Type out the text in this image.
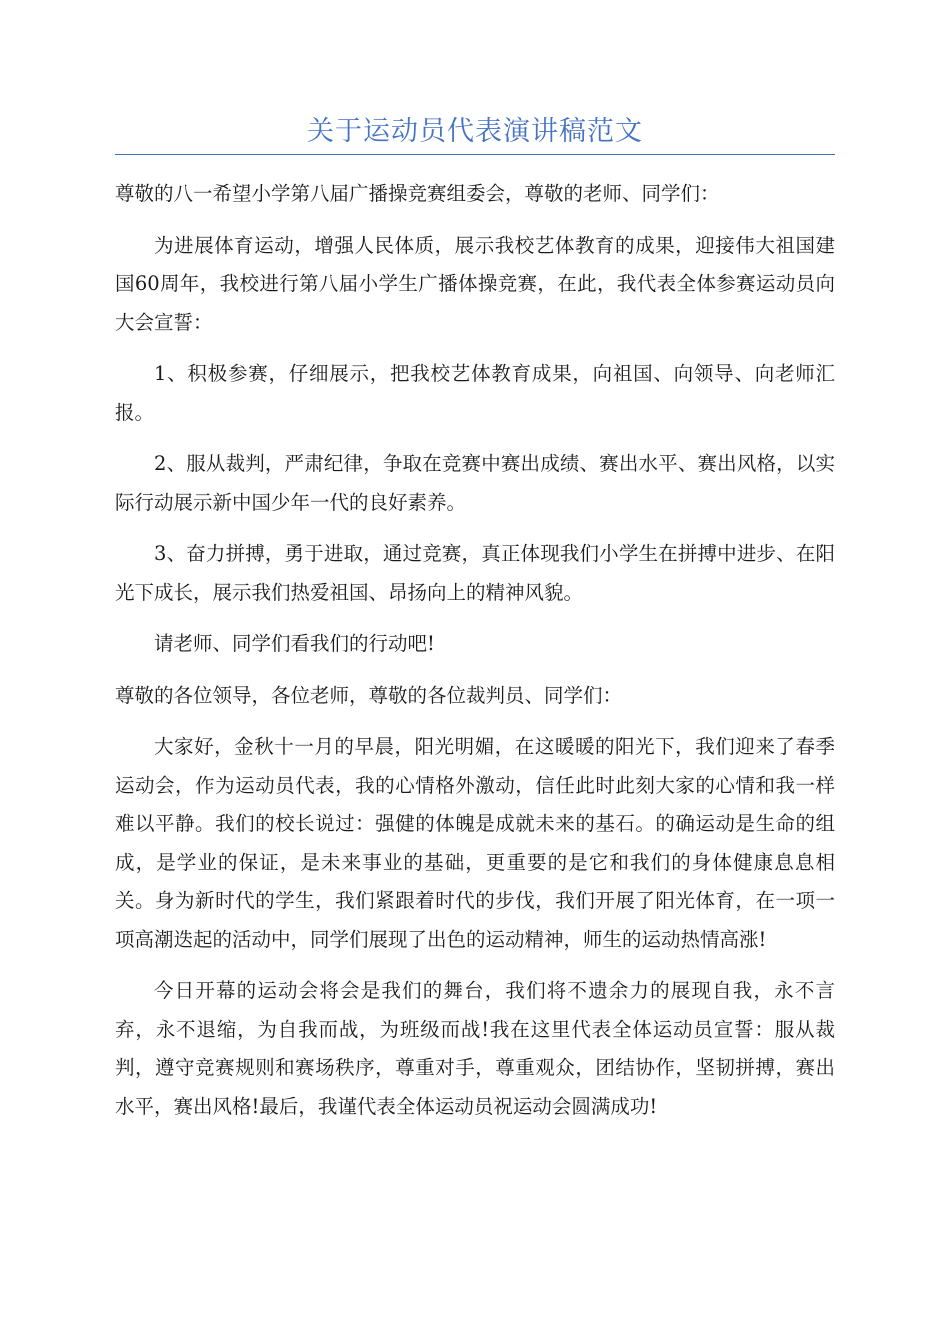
关于运动员代表演讲稿范文

尊敬的八一希望小学第八届广播操竞赛组委会，尊敬的老师、同学们：

为进展体育运动，增强人民体质，展示我校艺体教育的成果，迎接伟大祖国建国60周年，我校进行第八届小学生广播体操竞赛，在此，我代表全体参赛运动员向大会宣誓：

1、积极参赛，仔细展示，把我校艺体教育成果，向祖国、向领导、向老师汇报。

2、服从裁判，严肃纪律，争取在竞赛中赛出成绩、赛出水平、赛出风格，以实际行动展示新中国少年一代的良好素养。

3、奋力拼搏，勇于进取，通过竞赛，真正体现我们小学生在拼搏中进步、在阳光下成长，展示我们热爱祖国、昂扬向上的精神风貌。

请老师、同学们看我们的行动吧!

尊敬的各位领导，各位老师，尊敬的各位裁判员、同学们：

大家好，金秋十一月的早晨，阳光明媚，在这暖暖的阳光下，我们迎来了春季运动会，作为运动员代表，我的心情格外激动，信任此时此刻大家的心情和我一样难以平静。我们的校长说过：强健的体魄是成就未来的基石。的确运动是生命的组成，是学业的保证，是未来事业的基础，更重要的是它和我们的身体健康息息相关。身为新时代的学生，我们紧跟着时代的步伐，我们开展了阳光体育，在一项一项高潮迭起的活动中，同学们展现了出色的运动精神，师生的运动热情高涨!

今日开幕的运动会将会是我们的舞台，我们将不遗余力的展现自我，永不言弃，永不退缩，为自我而战，为班级而战!我在这里代表全体运动员宣誓：服从裁判，遵守竞赛规则和赛场秩序，尊重对手，尊重观众，团结协作，坚韧拼搏，赛出水平，赛出风格!最后，我谨代表全体运动员祝运动会圆满成功!
